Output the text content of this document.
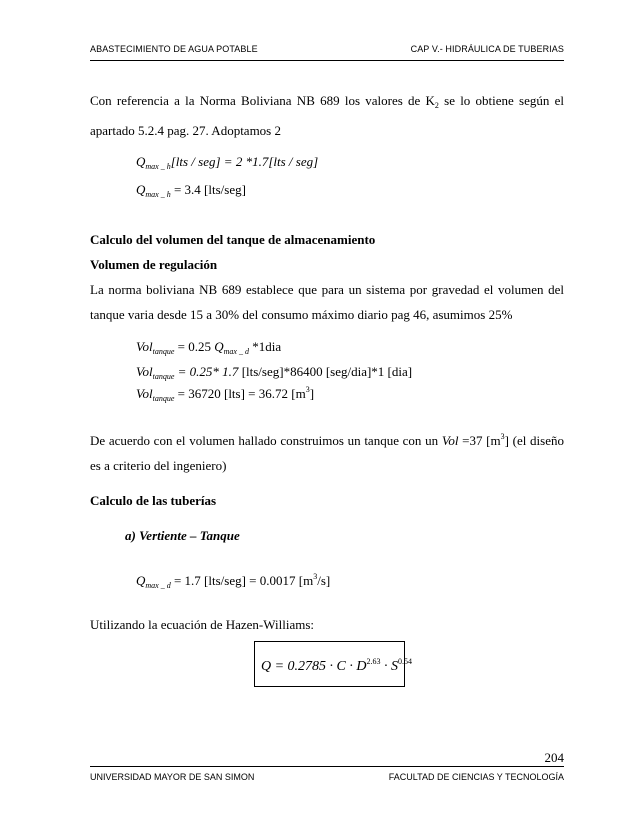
ABASTECIMIENTO DE AGUA POTABLE	CAP V.- HIDRÁULICA DE TUBERIAS
Con referencia a la Norma Boliviana NB 689 los valores de $K_2$ se lo obtiene según el
apartado 5.2.4 pag. 27. Adoptamos 2
$Q_{max \_ h}[lts / seg] = 2$ *1.7[lts / seg]
$Q_{max \_ h} = 3.4$ [lts/seg]
Calculo del volumen del tanque de almacenamiento
Volumen de regulación
La norma boliviana NB 689 establece que para un sistema por gravedad el volumen del
tanque varia desde 15 a 30% del consumo máximo diario pag 46, asumimos 25%
Vol$_{tanque}$ = 0.25 $Q_{max \_ d}$ *1dia
Vol$_{tanque}$ = 0.25* 1.7 [lts/seg]*86400 [seg/dia]*1 [dia]
Vol$_{tanque}$ = 36720 [lts] = 36.72 $[m^3]$
De acuerdo con el volumen hallado construimos un tanque con un Vol =37 $[m^3]$ (el diseño
es a criterio del ingeniero)
Calculo de las tuberías
a) Vertiente – Tanque
$Q_{max \_ d} = 1.7$ [lts/seg] = 0.0017 $[m^3/s]$
Utilizando la ecuación de Hazen-Williams:
$Q = 0.2785 \cdot C \cdot D^{2.63} \cdot S^{0.54}$
204
UNIVERSIDAD MAYOR DE SAN SIMON	FACULTAD DE CIENCIAS Y TECNOLOGÍA
